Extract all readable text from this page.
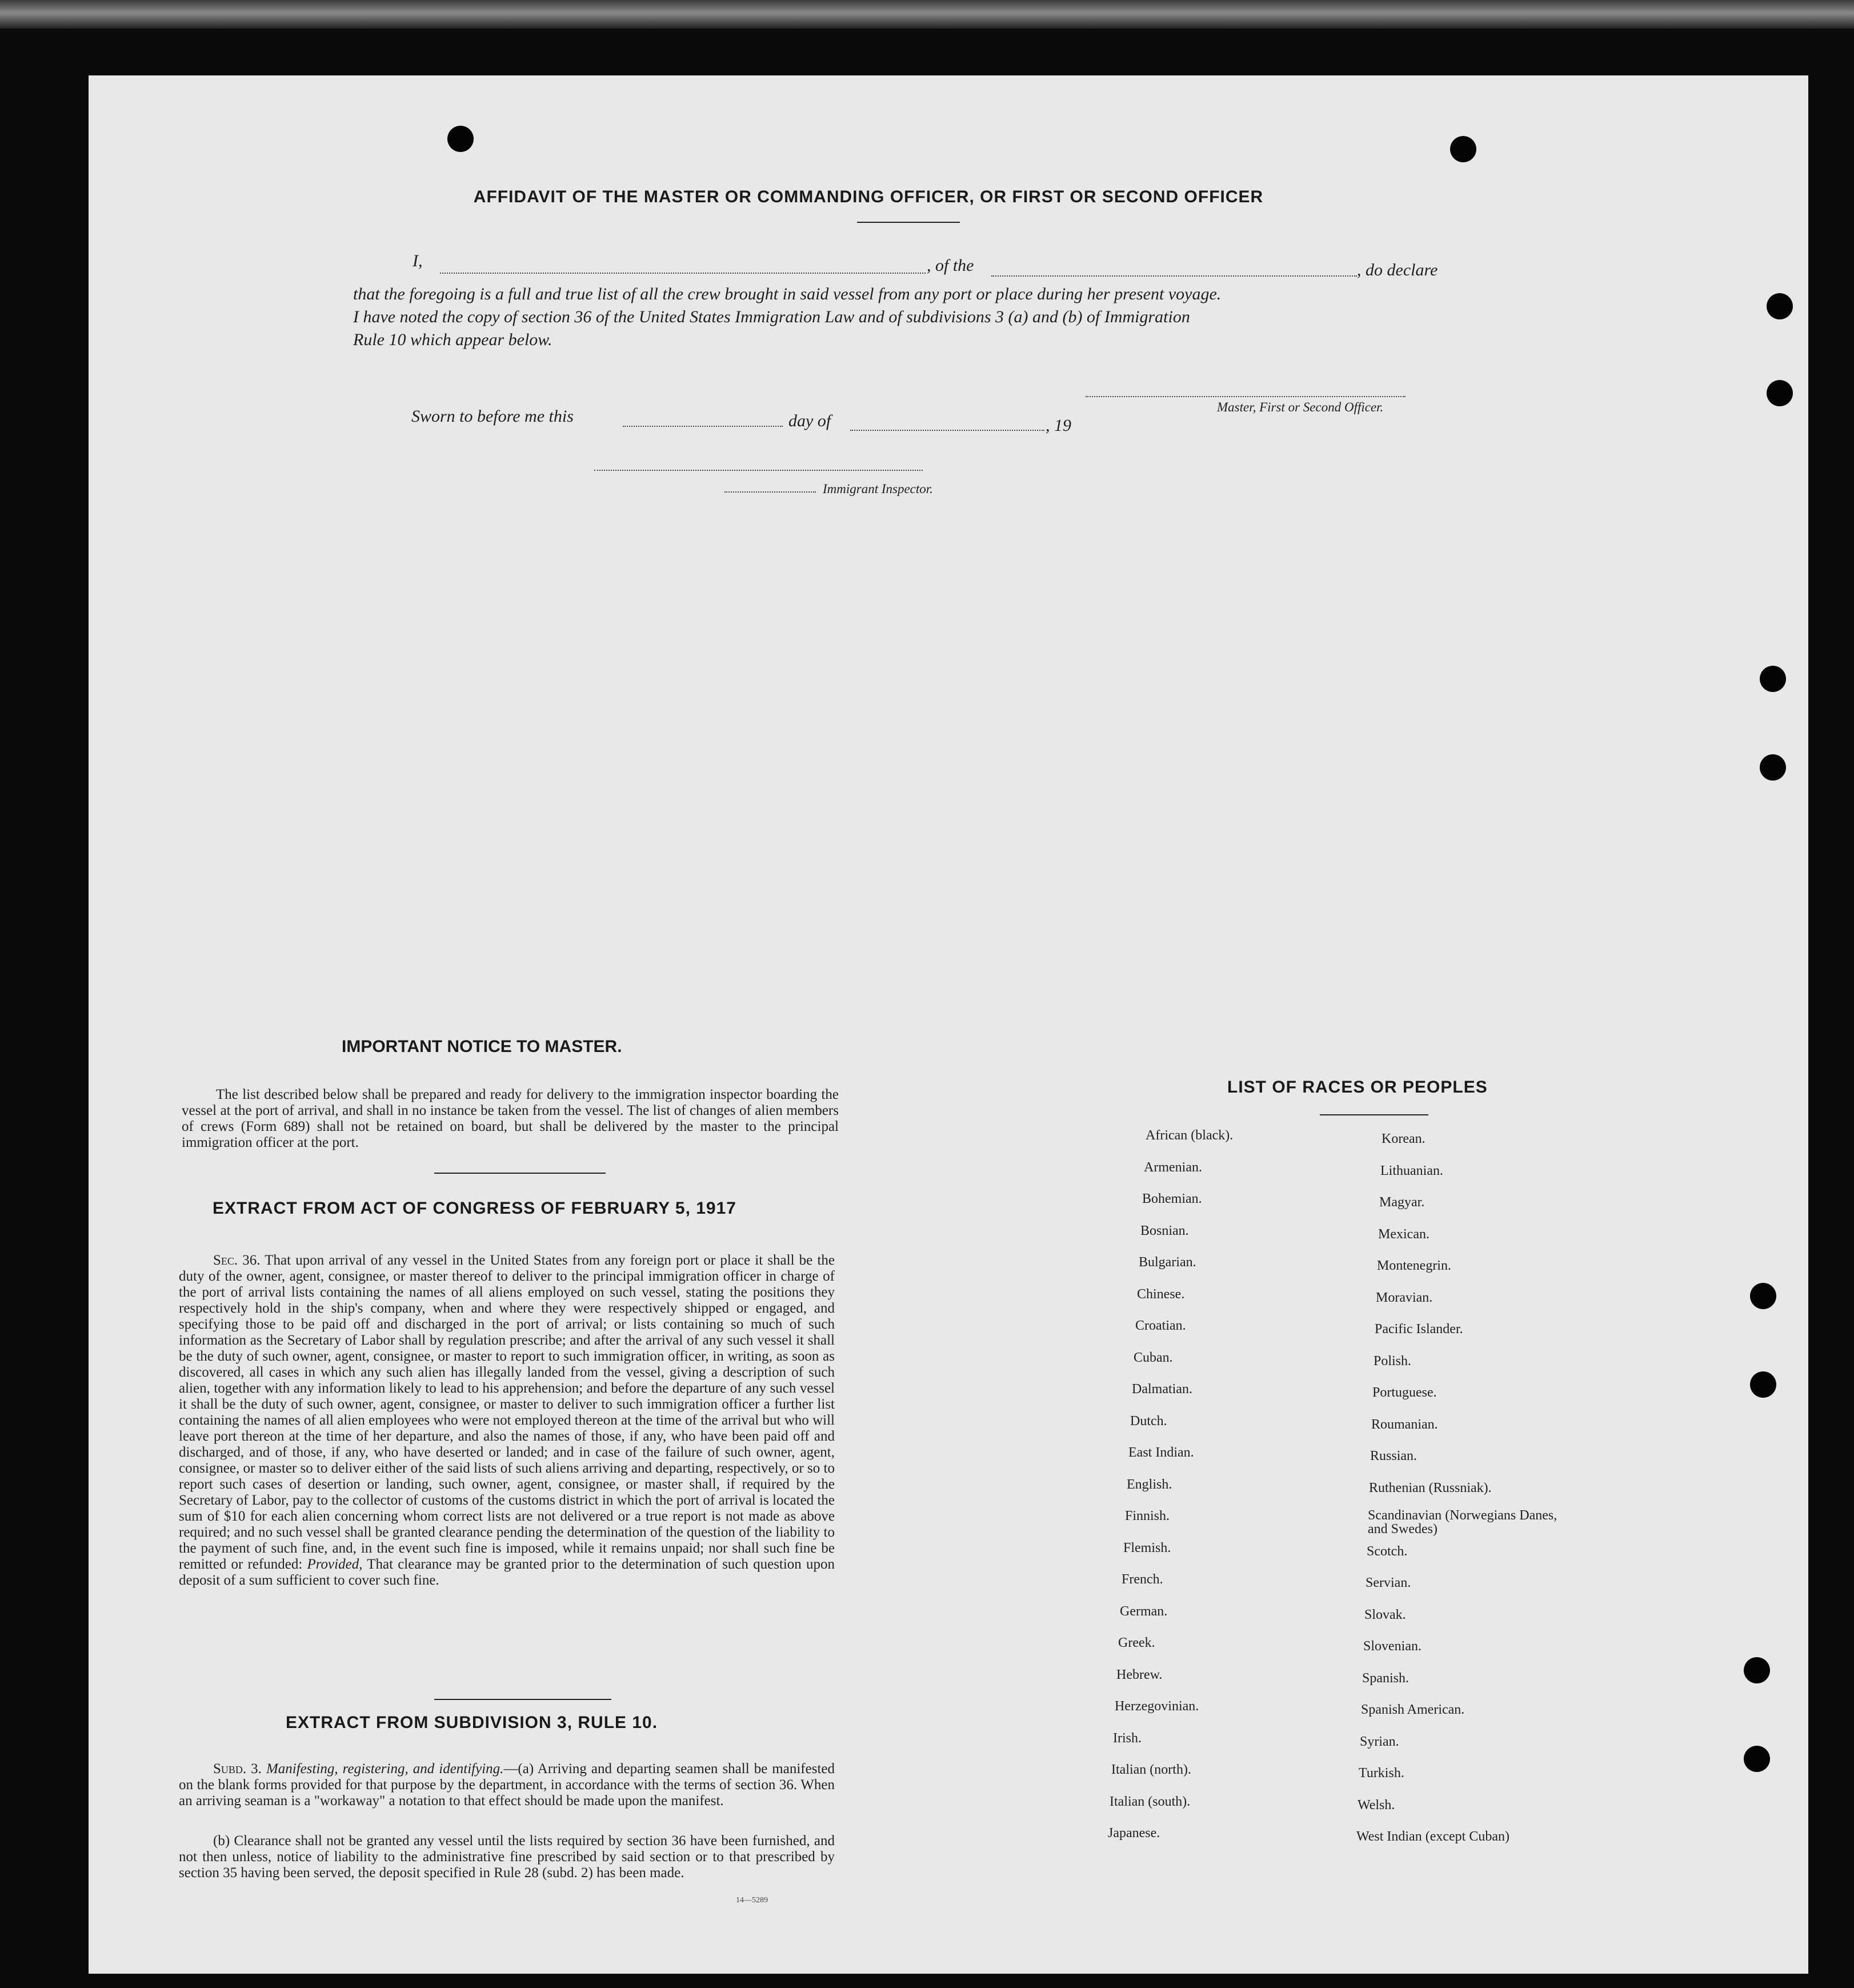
AFFIDAVIT OF THE MASTER OR COMMANDING OFFICER, OR FIRST OR SECOND OFFICER
I,	, of the	, do declare
that the foregoing is a full and true list of all the crew brought in said vessel from any port or place during her present voyage.
I have noted the copy of section 36 of the United States Immigration Law and of subdivisions 3 (a) and (b) of Immigration
Rule 10 which appear below.
Master, First or Second Officer.
Sworn to before me this	day of	, 19
Immigrant Inspector.
IMPORTANT NOTICE TO MASTER.
The list described below shall be prepared and ready for delivery to the immigration inspector boarding the vessel at the port of arrival, and shall in no instance be taken from the vessel. The list of changes of alien members of crews (Form 689) shall not be retained on board, but shall be delivered by the master to the principal immigration officer at the port.
EXTRACT FROM ACT OF CONGRESS OF FEBRUARY 5, 1917
Sec. 36. That upon arrival of any vessel in the United States from any foreign port or place it shall be the duty of the owner, agent, consignee, or master thereof to deliver to the principal immigration officer in charge of the port of arrival lists containing the names of all aliens employed on such vessel, stating the positions they respectively hold in the ship's company, when and where they were respectively shipped or engaged, and specifying those to be paid off and discharged in the port of arrival; or lists containing so much of such information as the Secretary of Labor shall by regulation prescribe; and after the arrival of any such vessel it shall be the duty of such owner, agent, consignee, or master to report to such immigration officer, in writing, as soon as discovered, all cases in which any such alien has illegally landed from the vessel, giving a description of such alien, together with any information likely to lead to his apprehension; and before the departure of any such vessel it shall be the duty of such owner, agent, consignee, or master to deliver to such immigration officer a further list containing the names of all alien employees who were not employed thereon at the time of the arrival but who will leave port thereon at the time of her departure, and also the names of those, if any, who have been paid off and discharged, and of those, if any, who have deserted or landed; and in case of the failure of such owner, agent, consignee, or master so to deliver either of the said lists of such aliens arriving and departing, respectively, or so to report such cases of desertion or landing, such owner, agent, consignee, or master shall, if required by the Secretary of Labor, pay to the collector of customs of the customs district in which the port of arrival is located the sum of $10 for each alien concerning whom correct lists are not delivered or a true report is not made as above required; and no such vessel shall be granted clearance pending the determination of the question of the liability to the payment of such fine, and, in the event such fine is imposed, while it remains unpaid; nor shall such fine be remitted or refunded: Provided, That clearance may be granted prior to the determination of such question upon deposit of a sum sufficient to cover such fine.
EXTRACT FROM SUBDIVISION 3, RULE 10.
Subd. 3. Manifesting, registering, and identifying.—(a) Arriving and departing seamen shall be manifested on the blank forms provided for that purpose by the department, in accordance with the terms of section 36. When an arriving seaman is a "workaway" a notation to that effect should be made upon the manifest.
(b) Clearance shall not be granted any vessel until the lists required by section 36 have been furnished, and not then unless, notice of liability to the administrative fine prescribed by said section or to that prescribed by section 35 having been served, the deposit specified in Rule 28 (subd. 2) has been made.
14—5289
LIST OF RACES OR PEOPLES
African (black).
Armenian.
Bohemian.
Bosnian.
Bulgarian.
Chinese.
Croatian.
Cuban.
Dalmatian.
Dutch.
East Indian.
English.
Finnish.
Flemish.
French.
German.
Greek.
Hebrew.
Herzegovinian.
Irish.
Italian (north).
Italian (south).
Japanese.
Korean.
Lithuanian.
Magyar.
Mexican.
Montenegrin.
Moravian.
Pacific Islander.
Polish.
Portuguese.
Roumanian.
Russian.
Ruthenian (Russniak).
Scandinavian (Norwegians Danes, and Swedes)
Scotch.
Servian.
Slovak.
Slovenian.
Spanish.
Spanish American.
Syrian.
Turkish.
Welsh.
West Indian (except Cuban)
